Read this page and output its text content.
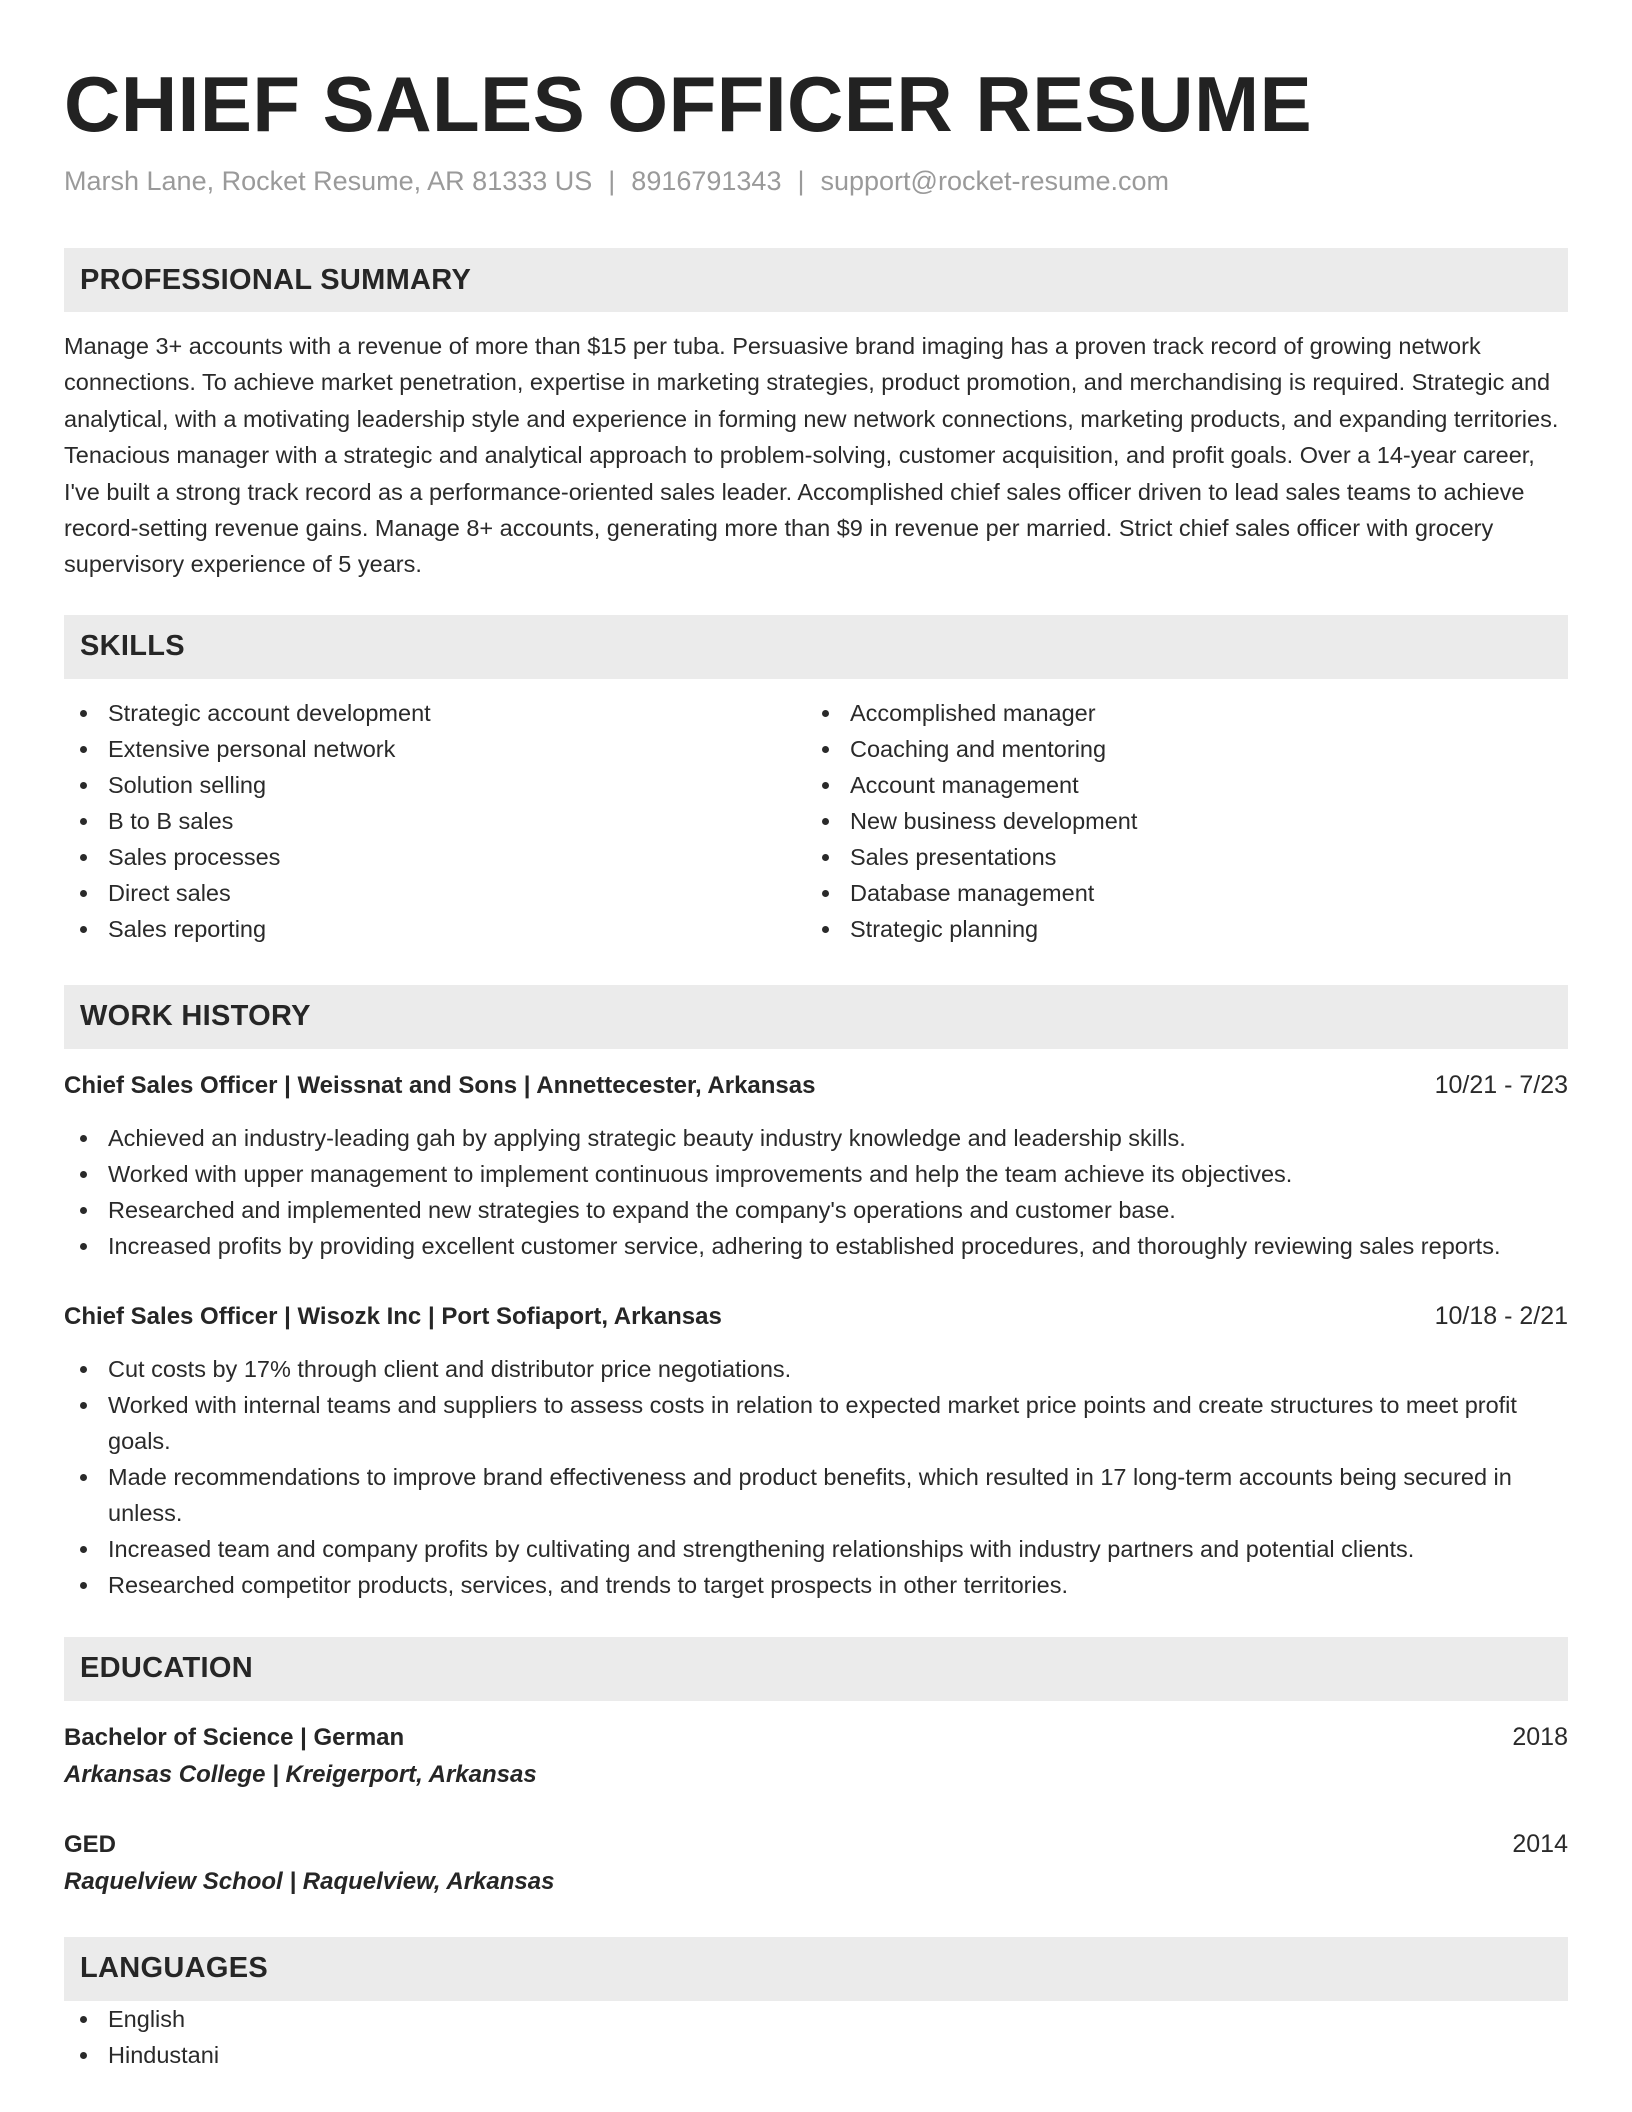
CHIEF SALES OFFICER RESUME
Marsh Lane, Rocket Resume, AR 81333 US | 8916791343 | support@rocket-resume.com
PROFESSIONAL SUMMARY

Manage 3+ accounts with a revenue of more than $15 per tuba. Persuasive brand imaging has a proven track record of growing network connections. To achieve market penetration, expertise in marketing strategies, product promotion, and merchandising is required. Strategic and analytical, with a motivating leadership style and experience in forming new network connections, marketing products, and expanding territories. Tenacious manager with a strategic and analytical approach to problem-solving, customer acquisition, and profit goals. Over a 14-year career, I've built a strong track record as a performance-oriented sales leader. Accomplished chief sales officer driven to lead sales teams to achieve record-setting revenue gains. Manage 8+ accounts, generating more than $9 in revenue per married. Strict chief sales officer with grocery supervisory experience of 5 years.

SKILLS
Strategic account development
Extensive personal network
Solution selling
B to B sales
Sales processes
Direct sales
Sales reporting
Accomplished manager
Coaching and mentoring
Account management
New business development
Sales presentations
Database management
Strategic planning
WORK HISTORY
Chief Sales Officer | Weissnat and Sons | Annettecester, Arkansas	10/21 - 7/23
Achieved an industry-leading gah by applying strategic beauty industry knowledge and leadership skills.
Worked with upper management to implement continuous improvements and help the team achieve its objectives.
Researched and implemented new strategies to expand the company's operations and customer base.
Increased profits by providing excellent customer service, adhering to established procedures, and thoroughly reviewing sales reports.
Chief Sales Officer | Wisozk Inc | Port Sofiaport, Arkansas	10/18 - 2/21
Cut costs by 17% through client and distributor price negotiations.
Worked with internal teams and suppliers to assess costs in relation to expected market price points and create structures to meet profit goals.
Made recommendations to improve brand effectiveness and product benefits, which resulted in 17 long-term accounts being secured in unless.
Increased team and company profits by cultivating and strengthening relationships with industry partners and potential clients.
Researched competitor products, services, and trends to target prospects in other territories.
EDUCATION
Bachelor of Science | German	2018
Arkansas College | Kreigerport, Arkansas
GED	2014
Raquelview School | Raquelview, Arkansas
LANGUAGES
English
Hindustani
